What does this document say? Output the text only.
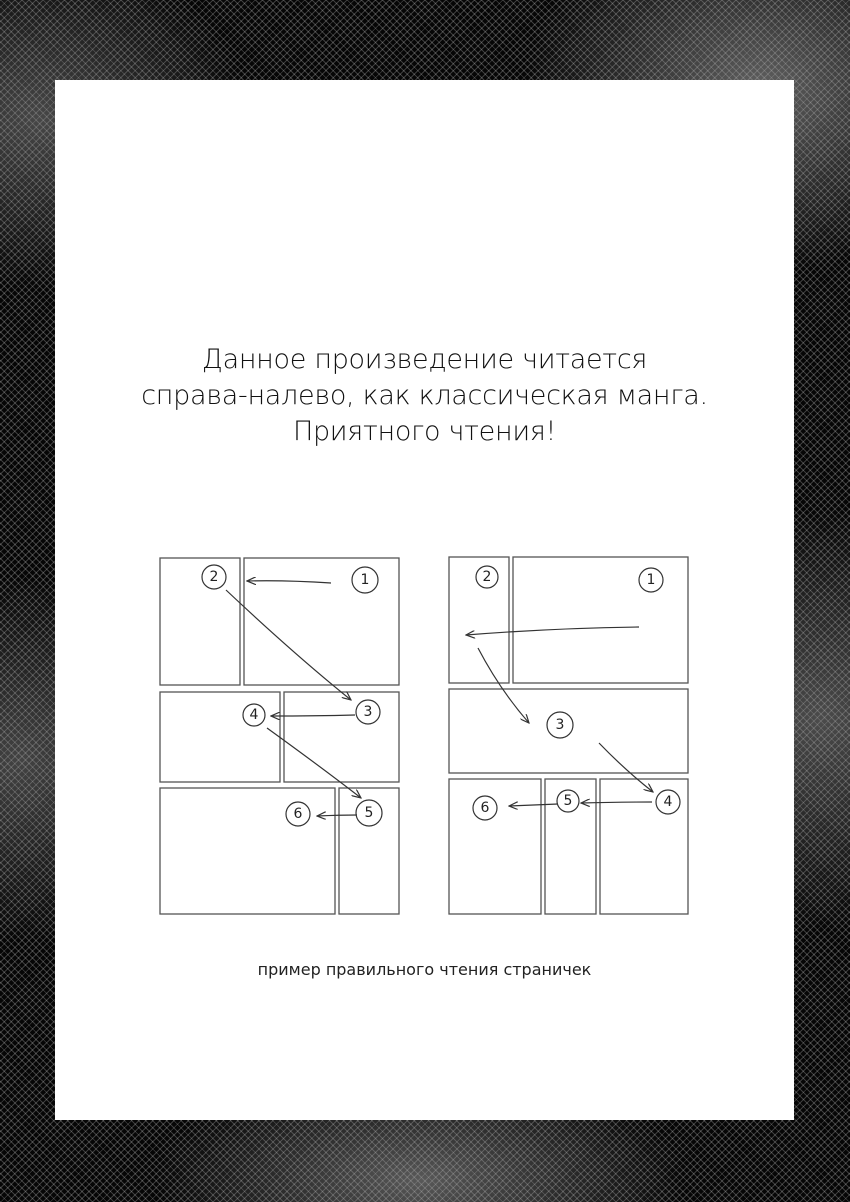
Данное произведение читается
справа-налево, как классическая манга.
Приятного чтения!
1
2
3
4
5
6
1
2
3
4
5
6
пример правильного чтения страничек
